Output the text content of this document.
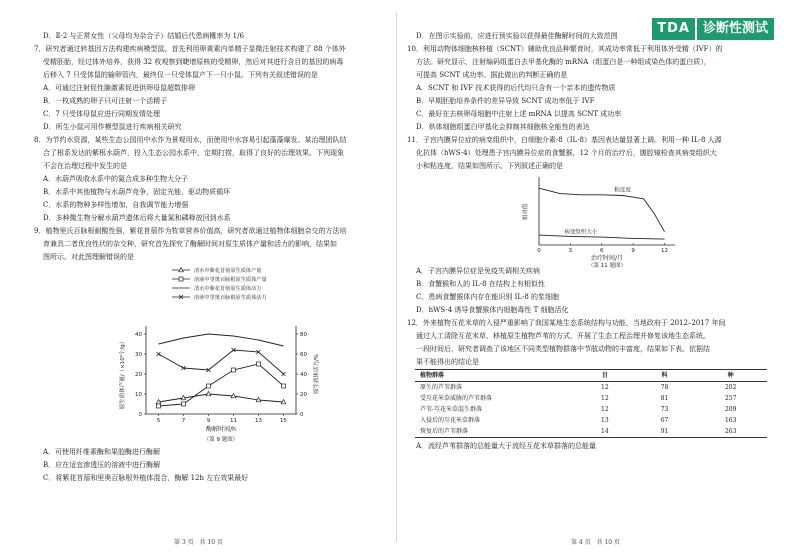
D．Ⅱ-2 与正常女性（父母均为杂合子）结婚后代患病概率为 1/6

7．研究者通过转基因方法构建疾病模型鼠。首先利用卵黄素内单精子显微注射技术构建了 88 个体外

受精胚胎，经过体外培养，获得 32 枚观察到睫增原核的受精卵，然后对其进行含目的基因的病毒

后移入 7 只受体鼠的输卵管内，最终仅一只受体鼠产下一只小鼠。下列有关叙述错误的是

A．可通过注射促性腺激素促进供卵母鼠超数排卵

B．一枚成熟的卵子只可注射一个活精子

C．7 只受体母鼠应进行同期发情处理

D．所生小鼠可用作模型鼠进行疾病相关研究

8．为节约水资源，某些生态公园用中水作为景观用水，而使用中水容易引起藻藻爆发。某治理团队结

合了根系发达的紫根水葫芦，投入生态公园水系中，定期打捞，取得了良好的治理效果。下列现象

不会在治理过程中发生的是

A．水葫芦吸收水系中的氮合成多种生物大分子

B．水系中其他植物与水葫芦竞争，固定光能，驱动物质循环

C．水系的物种多样性增加，自我调节能力增强

D．多种微生物分解水葫芦遗体后将大量氮和磷释放回到水系

9．植物里氏百脉根耐酸性强，紫花苜蓿作为牧草营养价值高，研究者欲通过植物体细胞杂交的方法培

育兼具二者优良性状的杂交种，研究首先探究了酶解时间对原生质体产量和活力的影响，结果如

图所示。对此图理解错误的是

清水中紫花苜蓿原生质体产量
溶液中里奥百脉根原生质体产量
清水中紫花苜蓿原生质体活力
溶液中里奥百脉根原生质体活力
5	7	9	11	13	15
0
10
20
30
40
0
20
40
60
80
酶解时间/h
原生质体产量/（×10⁵个/g）	原生质体活力/%
（第 9 题图）

A．可使用纤维素酶和果胶酶进行酶解

B．应在适宜渗透压的溶液中进行酶解

C．将紫花苜蓿和里奥百脉根外植体混合，酶解 12h 左右效果最好

第 3 页　共 10 页
TDA	诊断性测试

D．在图示实验前，应进行预实验以获得最佳酶解时间的大致范围

10．利用动物体细胞核移植（SCNT）辅助优良品种繁育时，其成功率常低于利用体外受精（IVF）的

方法。研究显示，注射编码组蛋白去甲基化酶的 mRNA（组蛋白是一种组成染色体的蛋白质），

可提高 SCNT 成功率。据此做出的判断正确的是

A．SCNT 和 IVF 技术获得的后代均只含有一个亲本的遗传物质

B．早期胚胎培养条件的差异导致 SCNT 成功率低于 IVF

C．最好在去核卵母细胞中注射上述 mRNA 以提高 SCNT 成功率

D．供体细胞组蛋白甲基化会抑制其细胞核全能性的表达

11．子宫内膜异位症的病变组织中，白细胞介素-8（IL-8）基因表达量显著上调。利用一种 IL-8 人源

化抗体（hWS-4）处理患子宫内膜异位症的食蟹猴，12 个月的治疗后，腹腔镜检查其病变组织大

小和粘连度，结果如图所示。下列叙述正确的是

0	3	6	9	12
治疗时间/月
相对值
（第 11 题图）
粘连度
病变组织大小

A．子宫内膜异位症是免疫失调相关疾病

B．食蟹猴和人的 IL-8 在结构上有相似性

C．患病食蟹猴体内存在能识别 IL-8 的浆细胞

D．hWS-4 诱导食蟹猴体内细胞毒性 T 细胞活化

12．外来植物互花米草的入侵严重影响了我国某地生态系统结构与功能，当地政府于 2012–2017 年间

通过人工清除互花米草、移植原生植物芦苇的方式，开展了生态工程治理并修复该地生态系统。

一段时间后，研究者调查了该地区不同类型植物群落中节肢动物的丰富度，结果如下表。依据结

果不能得出的结论是

植物群落	目	科	种
原生的芦苇群落	12	78	202
受互花米草威胁的芦苇群落	12	81	257
芦苇-互花米草混生群落	12	73	209
入侵后的互花米草群落	13	67	163
恢复后的芦苇群落	14	91	263

A．流经芦苇群落的总能量大于流经互花米草群落的总能量

第 4 页　共 10 页
